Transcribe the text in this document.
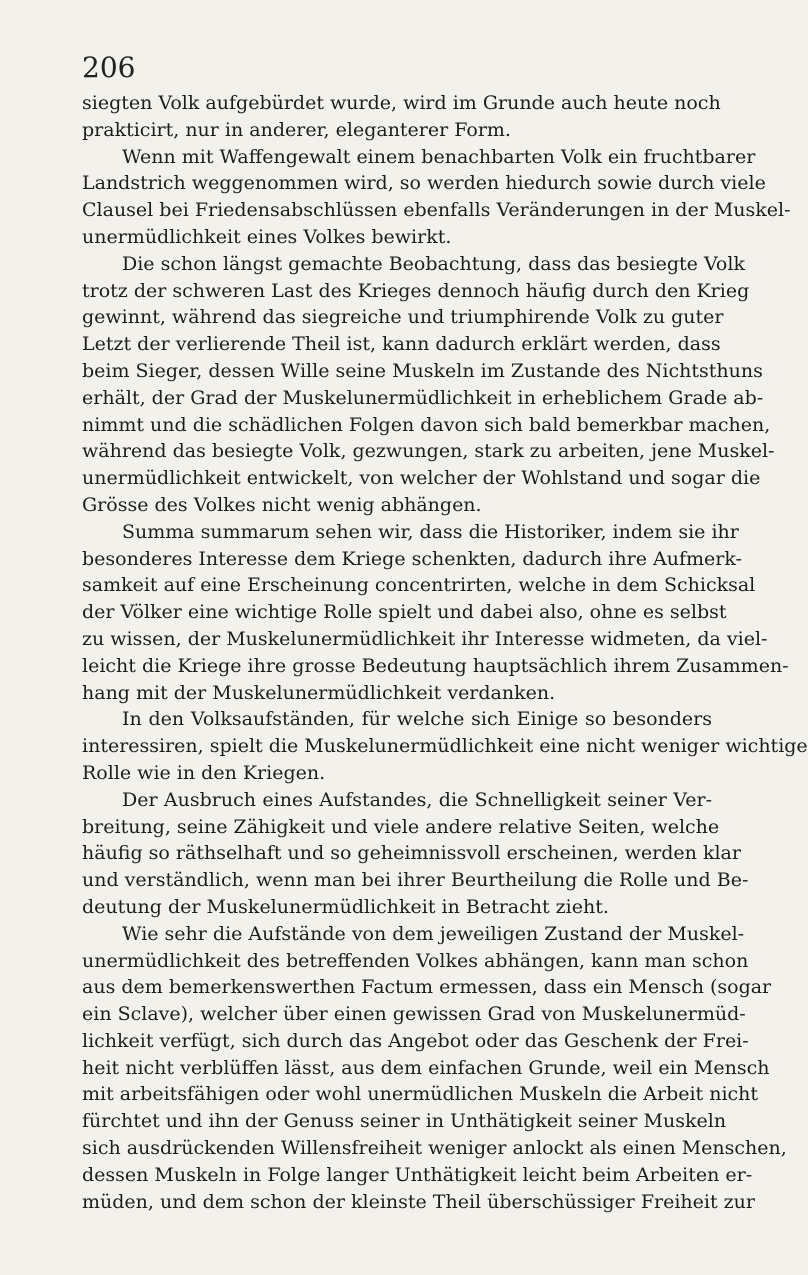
206
siegten Volk aufgebürdet wurde, wird im Grunde auch heute noch
prakticirt, nur in anderer, eleganterer Form.
Wenn mit Waffengewalt einem benachbarten Volk ein fruchtbarer
Landstrich weggenommen wird, so werden hiedurch sowie durch viele
Clausel bei Friedensabschlüssen ebenfalls Veränderungen in der Muskel-
unermüdlichkeit eines Volkes bewirkt.
Die schon längst gemachte Beobachtung, dass das besiegte Volk
trotz der schweren Last des Krieges dennoch häufig durch den Krieg
gewinnt, während das siegreiche und triumphirende Volk zu guter
Letzt der verlierende Theil ist, kann dadurch erklärt werden, dass
beim Sieger, dessen Wille seine Muskeln im Zustande des Nichtsthuns
erhält, der Grad der Muskelunermüdlichkeit in erheblichem Grade ab-
nimmt und die schädlichen Folgen davon sich bald bemerkbar machen,
während das besiegte Volk, gezwungen, stark zu arbeiten, jene Muskel-
unermüdlichkeit entwickelt, von welcher der Wohlstand und sogar die
Grösse des Volkes nicht wenig abhängen.
Summa summarum sehen wir, dass die Historiker, indem sie ihr
besonderes Interesse dem Kriege schenkten, dadurch ihre Aufmerk-
samkeit auf eine Erscheinung concentrirten, welche in dem Schicksal
der Völker eine wichtige Rolle spielt und dabei also, ohne es selbst
zu wissen, der Muskelunermüdlichkeit ihr Interesse widmeten, da viel-
leicht die Kriege ihre grosse Bedeutung hauptsächlich ihrem Zusammen-
hang mit der Muskelunermüdlichkeit verdanken.
In den Volksaufständen, für welche sich Einige so besonders
interessiren, spielt die Muskelunermüdlichkeit eine nicht weniger wichtige
Rolle wie in den Kriegen.
Der Ausbruch eines Aufstandes, die Schnelligkeit seiner Ver-
breitung, seine Zähigkeit und viele andere relative Seiten, welche
häufig so räthselhaft und so geheimnissvoll erscheinen, werden klar
und verständlich, wenn man bei ihrer Beurtheilung die Rolle und Be-
deutung der Muskelunermüdlichkeit in Betracht zieht.
Wie sehr die Aufstände von dem jeweiligen Zustand der Muskel-
unermüdlichkeit des betreffenden Volkes abhängen, kann man schon
aus dem bemerkenswerthen Factum ermessen, dass ein Mensch (sogar
ein Sclave), welcher über einen gewissen Grad von Muskelunermüd-
lichkeit verfügt, sich durch das Angebot oder das Geschenk der Frei-
heit nicht verblüffen lässt, aus dem einfachen Grunde, weil ein Mensch
mit arbeitsfähigen oder wohl unermüdlichen Muskeln die Arbeit nicht
fürchtet und ihn der Genuss seiner in Unthätigkeit seiner Muskeln
sich ausdrückenden Willensfreiheit weniger anlockt als einen Menschen,
dessen Muskeln in Folge langer Unthätigkeit leicht beim Arbeiten er-
müden, und dem schon der kleinste Theil überschüssiger Freiheit zur
